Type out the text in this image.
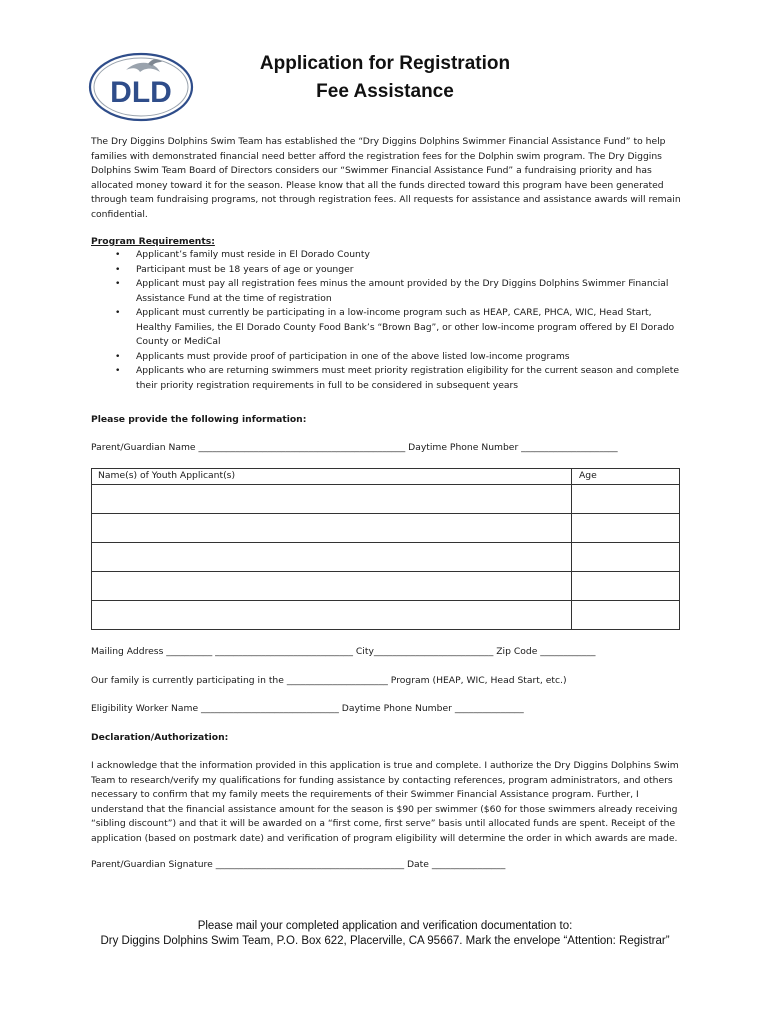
DLD
Application for Registration
Fee Assistance
The Dry Diggins Dolphins Swim Team has established the “Dry Diggins Dolphins Swimmer Financial Assistance Fund” to help
families with demonstrated financial need better afford the registration fees for the Dolphin swim program. The Dry Diggins
Dolphins Swim Team Board of Directors considers our “Swimmer Financial Assistance Fund” a fundraising priority and has
allocated money toward it for the season. Please know that all the funds directed toward this program have been generated
through team fundraising programs, not through registration fees. All requests for assistance and assistance awards will remain
confidential.
Program Requirements:
• Applicant’s family must reside in El Dorado County
• Participant must be 18 years of age or younger
• Applicant must pay all registration fees minus the amount provided by the Dry Diggins Dolphins Swimmer Financial
Assistance Fund at the time of registration
• Applicant must currently be participating in a low-income program such as HEAP, CARE, PHCA, WIC, Head Start,
Healthy Families, the El Dorado County Food Bank’s “Brown Bag”, or other low-income program offered by El Dorado
County or MediCal
• Applicants must provide proof of participation in one of the above listed low-income programs
• Applicants who are returning swimmers must meet priority registration eligibility for the current season and complete
their priority registration requirements in full to be considered in subsequent years
Please provide the following information:
Parent/Guardian Name _____________________________________________ Daytime Phone Number _____________________
Name(s) of Youth Applicant(s)	Age
Mailing Address __________ ______________________________ City__________________________ Zip Code ____________
Our family is currently participating in the ______________________ Program (HEAP, WIC, Head Start, etc.)
Eligibility Worker Name ______________________________ Daytime Phone Number _______________
Declaration/Authorization:
I acknowledge that the information provided in this application is true and complete. I authorize the Dry Diggins Dolphins Swim
Team to research/verify my qualifications for funding assistance by contacting references, program administrators, and others
necessary to confirm that my family meets the requirements of their Swimmer Financial Assistance program. Further, I
understand that the financial assistance amount for the season is $90 per swimmer ($60 for those swimmers already receiving
“sibling discount”) and that it will be awarded on a “first come, first serve” basis until allocated funds are spent. Receipt of the
application (based on postmark date) and verification of program eligibility will determine the order in which awards are made.
Parent/Guardian Signature _________________________________________ Date ________________
Please mail your completed application and verification documentation to:
Dry Diggins Dolphins Swim Team, P.O. Box 622, Placerville, CA 95667. Mark the envelope “Attention: Registrar”
